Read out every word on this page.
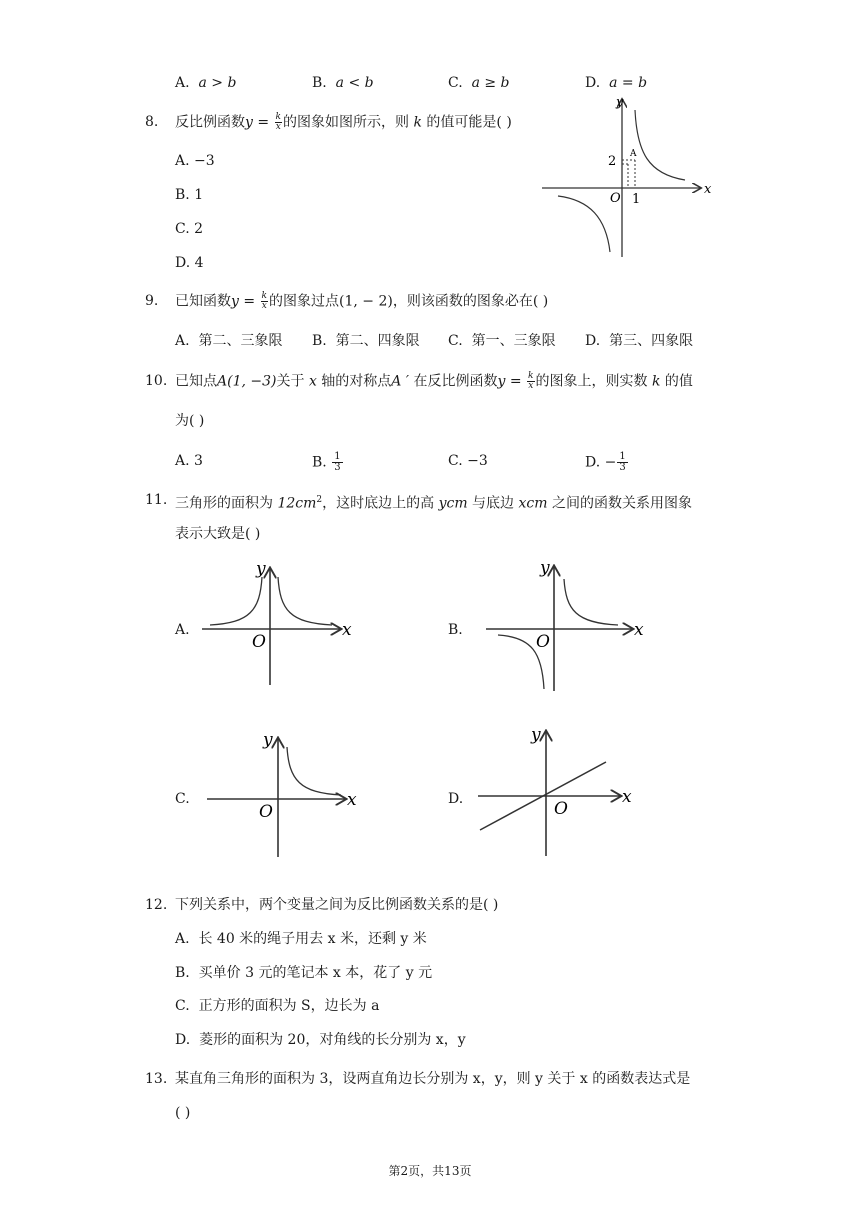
A. a > b	B. a < b	C. a ≥ b	D. a = b
8. 反比例函数$y = \frac{k}{x}$ 的图象如图所示，则 k 的值可能是( )
A. −3
B. 1
C. 2
D. 4
y
x
O 1
2 A
9. 已知函数$y = \frac{k}{x}$ 的图象过点(1, − 2)，则该函数的图象必在( )
A. 第二、三象限 B. 第二、四象限 C. 第一、三象限 D. 第三、四象限
10. 已知点A(1, −3)关于 x 轴的对称点A ′ 在反比例函数$y = \frac{k}{x}$ 的图象上，则实数 k 的值
为( )
A. 3	B. $\frac{1}{3}$	C. −3	D. − $\frac{1}{3}$
11. 三角形的面积为 $12cm^2$，这时底边上的高 ycm 与底边 xcm 之间的函数关系用图象
表示大致是( )
A.	B.
C.	D.
y
x
O
y
x
O
y
x
O
y
x
O
12. 下列关系中，两个变量之间为反比例函数关系的是( )
A. 长 40 米的绳子用去 x 米，还剩 y 米
B. 买单价 3 元的笔记本 x 本，花了 y 元
C. 正方形的面积为 S，边长为 a
D. 菱形的面积为 20，对角线的长分别为 x，y
13. 某直角三角形的面积为 3，设两直角边长分别为 x，y，则 y 关于 x 的函数表达式是
( )
第2页，共13页
